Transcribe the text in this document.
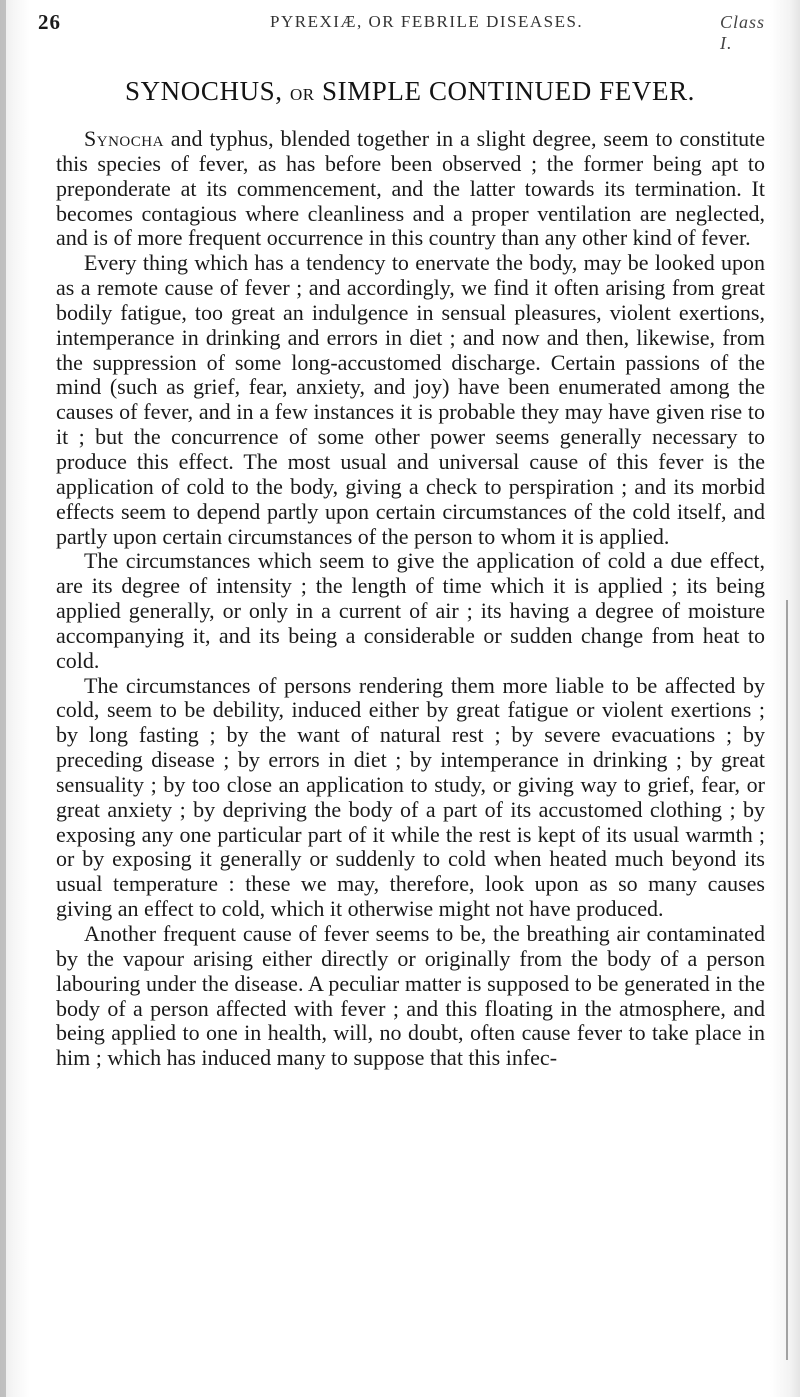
26	PYREXIÆ, OR FEBRILE DISEASES.	Class I.
SYNOCHUS, OR SIMPLE CONTINUED FEVER.

Synocha and typhus, blended together in a slight degree, seem to constitute this species of fever, as has before been observed ; the former being apt to preponderate at its commencement, and the latter towards its termination. It becomes contagious where cleanliness and a proper ventilation are neglected, and is of more frequent occurrence in this country than any other kind of fever.

Every thing which has a tendency to enervate the body, may be looked upon as a remote cause of fever ; and accordingly, we find it often arising from great bodily fatigue, too great an indulgence in sensual pleasures, violent exertions, intemperance in drinking and errors in diet ; and now and then, likewise, from the suppression of some long-accustomed discharge. Certain passions of the mind (such as grief, fear, anxiety, and joy) have been enumerated among the causes of fever, and in a few instances it is probable they may have given rise to it ; but the concurrence of some other power seems generally necessary to produce this effect. The most usual and universal cause of this fever is the application of cold to the body, giving a check to perspiration ; and its morbid effects seem to depend partly upon certain circumstances of the cold itself, and partly upon certain circumstances of the person to whom it is applied.

The circumstances which seem to give the application of cold a due effect, are its degree of intensity ; the length of time which it is applied ; its being applied generally, or only in a current of air ; its having a degree of moisture accompanying it, and its being a considerable or sudden change from heat to cold.

The circumstances of persons rendering them more liable to be affected by cold, seem to be debility, induced either by great fatigue or violent exertions ; by long fasting ; by the want of natural rest ; by severe evacuations ; by preceding disease ; by errors in diet ; by intemperance in drinking ; by great sensuality ; by too close an application to study, or giving way to grief, fear, or great anxiety ; by depriving the body of a part of its accustomed clothing ; by exposing any one particular part of it while the rest is kept of its usual warmth ; or by exposing it generally or suddenly to cold when heated much beyond its usual temperature : these we may, therefore, look upon as so many causes giving an effect to cold, which it otherwise might not have produced.

Another frequent cause of fever seems to be, the breathing air contaminated by the vapour arising either directly or originally from the body of a person labouring under the disease. A peculiar matter is supposed to be generated in the body of a person affected with fever ; and this floating in the atmosphere, and being applied to one in health, will, no doubt, often cause fever to take place in him ; which has induced many to suppose that this infec-
